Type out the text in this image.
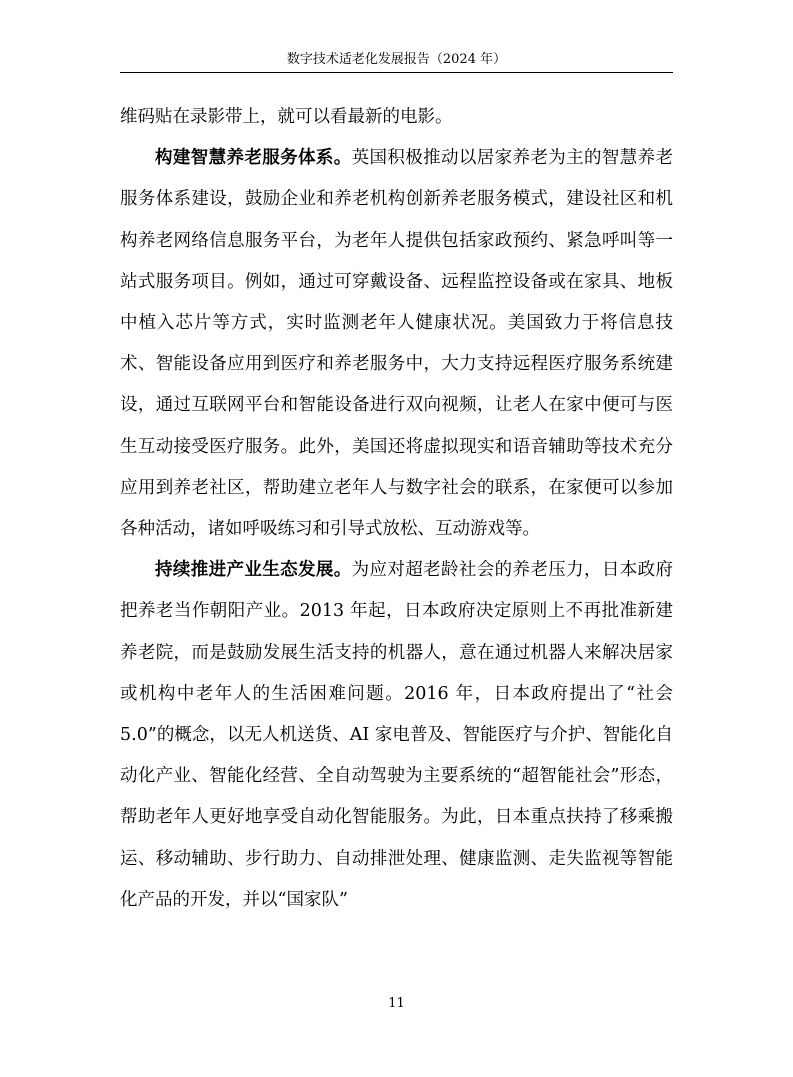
数字技术适老化发展报告（2024 年）

维码贴在录影带上，就可以看最新的电影。

构建智慧养老服务体系。英国积极推动以居家养老为主的智慧养老服务体系建设，鼓励企业和养老机构创新养老服务模式，建设社区和机构养老网络信息服务平台，为老年人提供包括家政预约、紧急呼叫等一站式服务项目。例如，通过可穿戴设备、远程监控设备或在家具、地板中植入芯片等方式，实时监测老年人健康状况。美国致力于将信息技术、智能设备应用到医疗和养老服务中，大力支持远程医疗服务系统建设，通过互联网平台和智能设备进行双向视频，让老人在家中便可与医生互动接受医疗服务。此外，美国还将虚拟现实和语音辅助等技术充分应用到养老社区，帮助建立老年人与数字社会的联系，在家便可以参加各种活动，诸如呼吸练习和引导式放松、互动游戏等。

持续推进产业生态发展。为应对超老龄社会的养老压力，日本政府把养老当作朝阳产业。2013 年起，日本政府决定原则上不再批准新建养老院，而是鼓励发展生活支持的机器人，意在通过机器人来解决居家或机构中老年人的生活困难问题。2016 年，日本政府提出了“社会 5.0”的概念，以无人机送货、AI 家电普及、智能医疗与介护、智能化自动化产业、智能化经营、全自动驾驶为主要系统的“超智能社会”形态，帮助老年人更好地享受自动化智能服务。为此，日本重点扶持了移乘搬运、移动辅助、步行助力、自动排泄处理、健康监测、走失监视等智能化产品的开发，并以“国家队”

11
